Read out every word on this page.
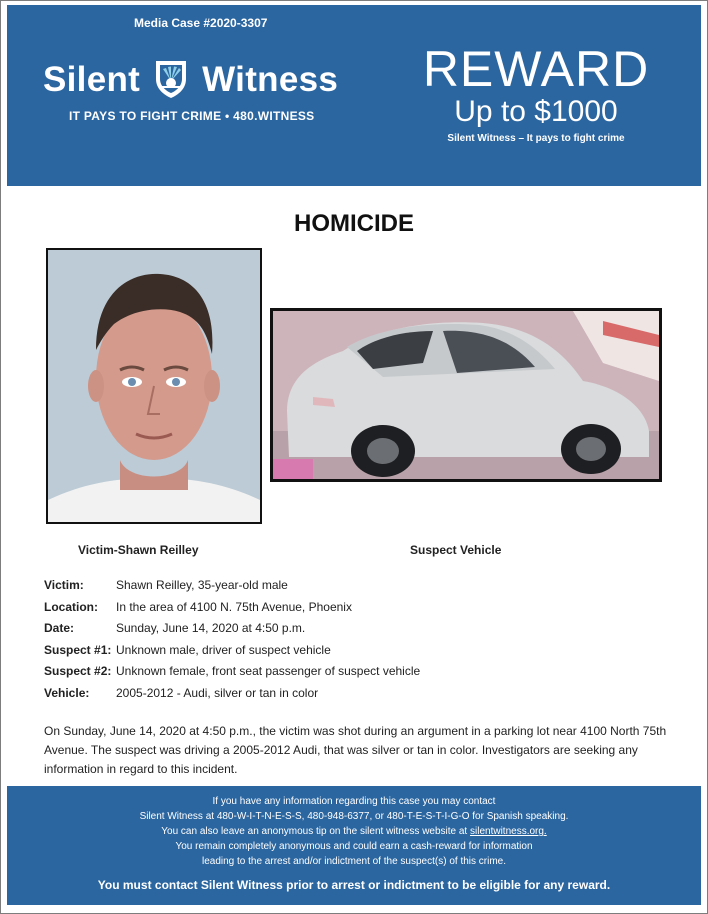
Media Case #2020-3307
Silent Witness
IT PAYS TO FIGHT CRIME • 480.WITNESS
REWARD
Up to $1000
Silent Witness – It pays to fight crime
HOMICIDE
Victim-Shawn Reilley	Suspect Vehicle
Victim:	Shawn Reilley, 35-year-old male
Location: In the area of 4100 N. 75th Avenue, Phoenix
Date:	Sunday, June 14, 2020 at 4:50 p.m.
Suspect #1: Unknown male, driver of suspect vehicle
Suspect #2: Unknown female, front seat passenger of suspect vehicle
Vehicle: 2005-2012 - Audi, silver or tan in color
On Sunday, June 14, 2020 at 4:50 p.m., the victim was shot during an argument in a parking lot near 4100 North 75th Avenue. The suspect was driving a 2005-2012 Audi, that was silver or tan in color. Investigators are seeking any information in regard to this incident.
If you have any information regarding this case you may contact
Silent Witness at 480-W-I-T-N-E-S-S, 480-948-6377, or 480-T-E-S-T-I-G-O for Spanish speaking.
You can also leave an anonymous tip on the silent witness website at silentwitness.org.
You remain completely anonymous and could earn a cash-reward for information
leading to the arrest and/or indictment of the suspect(s) of this crime.
You must contact Silent Witness prior to arrest or indictment to be eligible for any reward.
